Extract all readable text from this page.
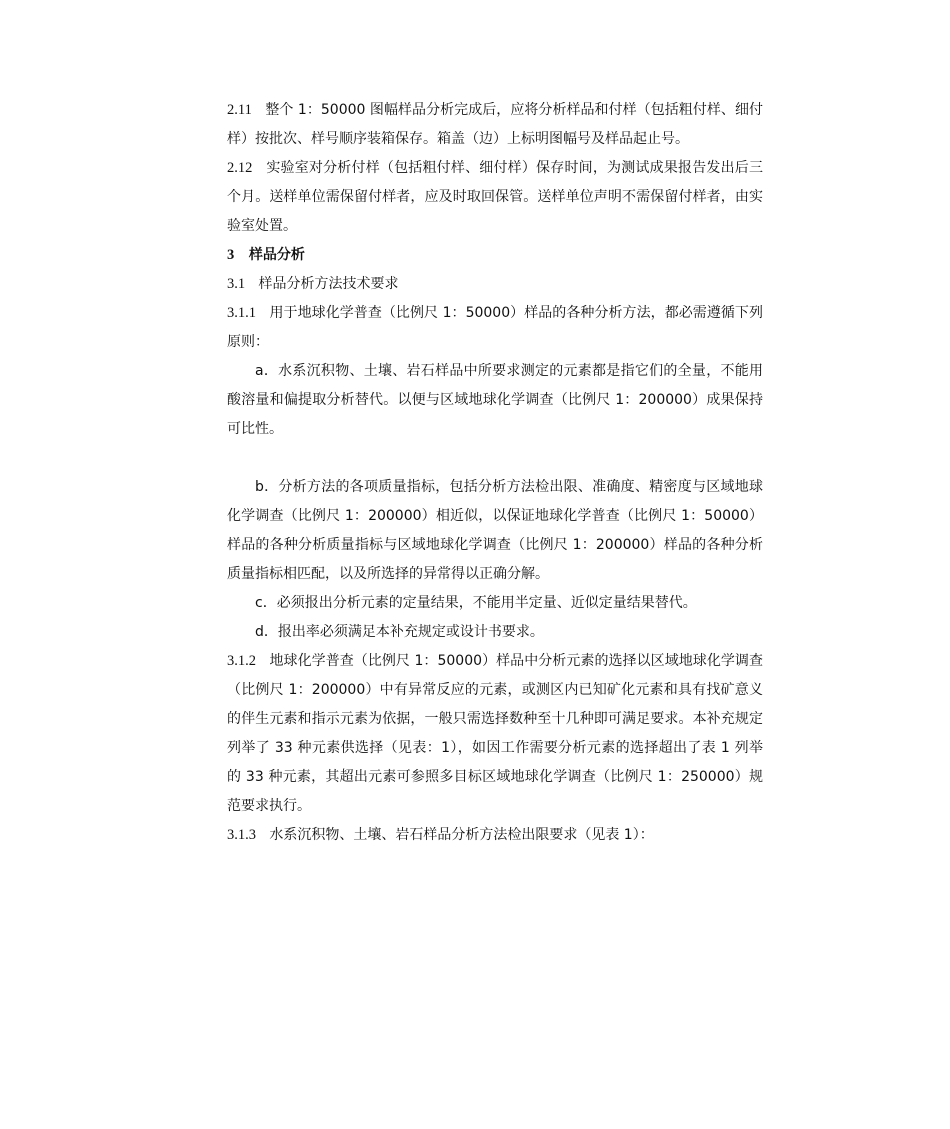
2.11 整个 1：50000 图幅样品分析完成后，应将分析样品和付样（包括粗付样、细付样）按批次、样号顺序装箱保存。箱盖（边）上标明图幅号及样品起止号。

2.12 实验室对分析付样（包括粗付样、细付样）保存时间，为测试成果报告发出后三个月。送样单位需保留付样者，应及时取回保管。送样单位声明不需保留付样者，由实验室处置。

3 样品分析

3.1 样品分析方法技术要求

3.1.1 用于地球化学普查（比例尺 1：50000）样品的各种分析方法，都必需遵循下列原则：

a．水系沉积物、土壤、岩石样品中所要求测定的元素都是指它们的全量，不能用酸溶量和偏提取分析替代。以便与区域地球化学调查（比例尺 1：200000）成果保持可比性。

b．分析方法的各项质量指标，包括分析方法检出限、准确度、精密度与区域地球化学调查（比例尺 1：200000）相近似，以保证地球化学普查（比例尺 1：50000）样品的各种分析质量指标与区域地球化学调查（比例尺 1：200000）样品的各种分析质量指标相匹配，以及所选择的异常得以正确分解。

c．必须报出分析元素的定量结果，不能用半定量、近似定量结果替代。

d．报出率必须满足本补充规定或设计书要求。

3.1.2 地球化学普查（比例尺 1：50000）样品中分析元素的选择以区域地球化学调查（比例尺 1：200000）中有异常反应的元素，或测区内已知矿化元素和具有找矿意义的伴生元素和指示元素为依据，一般只需选择数种至十几种即可满足要求。本补充规定列举了 33 种元素供选择（见表：1），如因工作需要分析元素的选择超出了表 1 列举的 33 种元素，其超出元素可参照多目标区域地球化学调查（比例尺 1：250000）规范要求执行。

3.1.3 水系沉积物、土壤、岩石样品分析方法检出限要求（见表 1）：
